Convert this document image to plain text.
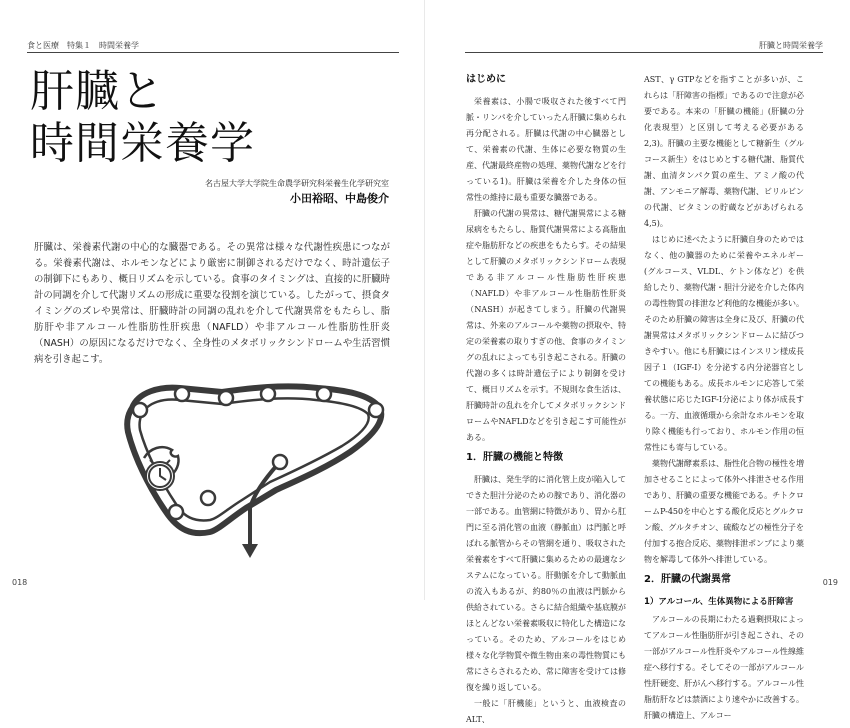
食と医療　特集１　時間栄養学
肝臓と
時間栄養学
名古屋大学大学院生命農学研究科栄養生化学研究室
小田裕昭、中島俊介

肝臓は、栄養素代謝の中心的な臓器である。その異常は様々な代謝性疾患につながる。栄養素代謝は、ホルモンなどにより厳密に制御されるだけでなく、時計遺伝子の制御下にもあり、概日リズムを示している。食事のタイミングは、直接的に肝臓時計の同調を介して代謝リズムの形成に重要な役割を演じている。したがって、摂食タイミングのズレや異常は、肝臓時計の同調の乱れを介して代謝異常をもたらし、脂肪肝や非アルコール性脂肪性肝疾患（NAFLD）や非アルコール性脂肪性肝炎（NASH）の原因になるだけでなく、全身性のメタボリックシンドロームや生活習慣病を引き起こす。

018
肝臓と時間栄養学
はじめに

栄養素は、小腸で吸収された後すべて門脈・リンパを介していったん肝臓に集められ再分配される。肝臓は代謝の中心臓器として、栄養素の代謝、生体に必要な物質の生産、代謝最終産物の処理、薬物代謝などを行っている1)。肝臓は栄養を介した身体の恒常性の維持に最も重要な臓器である。

肝臓の代謝の異常は、糖代謝異常による糖尿病をもたらし、脂質代謝異常による高脂血症や脂肪肝などの疾患をもたらす。その結果として肝臓のメタボリックシンドローム表現である非アルコール性脂肪性肝疾患（NAFLD）や非アルコール性脂肪性肝炎（NASH）が起きてしまう。肝臓の代謝異常は、外来のアルコールや薬物の摂取や、特定の栄養素の取りすぎの他、食事のタイミングの乱れによっても引き起こされる。肝臓の代謝の多くは時計遺伝子により制御を受けて、概日リズムを示す。不規則な食生活は、肝臓時計の乱れを介してメタボリックシンドロームやNAFLDなどを引き起こす可能性がある。

1．肝臓の機能と特徴

肝臓は、発生学的に消化管上皮が陥入してできた胆汁分泌のための腺であり、消化器の一部である。血管網に特徴があり、胃から肛門に至る消化管の血液（静脈血）は門脈と呼ばれる脈管からその管網を通り、吸収された栄養素をすべて肝臓に集めるための最適なシステムになっている。肝動脈を介して動脈血の流入もあるが、約80％の血液は門脈から供給されている。さらに結合組織や基底膜がほとんどない栄養素吸収に特化した構造になっている。そのため、アルコールをはじめ様々な化学物質や微生物由来の毒性物質にも常にさらされるため、常に障害を受けては修復を繰り返している。

一般に「肝機能」というと、血液検査のALT、

AST、γ GTPなどを指すことが多いが、これらは「肝障害の指標」であるので注意が必要である。本来の「肝臓の機能」(肝臓の分化表現型）と区別して考える必要がある2,3)。肝臓の主要な機能として糖新生（グルコース新生）をはじめとする糖代謝、脂質代謝、血清タンパク質の産生、アミノ酸の代謝、アンモニア解毒、薬物代謝、ビリルビンの代謝、ビタミンの貯蔵などがあげられる4,5)。

はじめに述べたように肝臓自身のためではなく、他の臓器のために栄養やエネルギー(グルコース、VLDL、ケトン体など）を供給したり、薬物代謝・胆汁分泌を介した体内の毒性物質の排泄など利他的な機能が多い。そのため肝臓の障害は全身に及び、肝臓の代謝異常はメタボリックシンドロームに結びつきやすい。他にも肝臓にはインスリン様成長因子１（IGF-I）を分泌する内分泌器官としての機能もある。成長ホルモンに応答して栄養状態に応じたIGF-I分泌により体が成長する。一方、血液循環から余計なホルモンを取り除く機能も行っており、ホルモン作用の恒常性にも寄与している。

薬物代謝酵素系は、脂性化合物の極性を増加させることによって体外へ排泄させる作用であり、肝臓の重要な機能である。チトクロームP-450を中心とする酸化反応とグルクロン酸、グルタチオン、硫酸などの極性分子を付加する抱合反応、薬物排泄ポンプにより薬物を解毒して体外へ排泄している。

2．肝臓の代謝異常
1）アルコール、生体異物による肝障害

アルコールの長期にわたる過剰摂取によってアルコール性脂肪肝が引き起こされ、その一部がアルコール性肝炎やアルコール性線維症へ移行する。そしてその一部がアルコール性肝硬変、肝がんへ移行する。アルコール性脂肪肝などは禁酒により速やかに改善する。肝臓の構造上、アルコー

019
